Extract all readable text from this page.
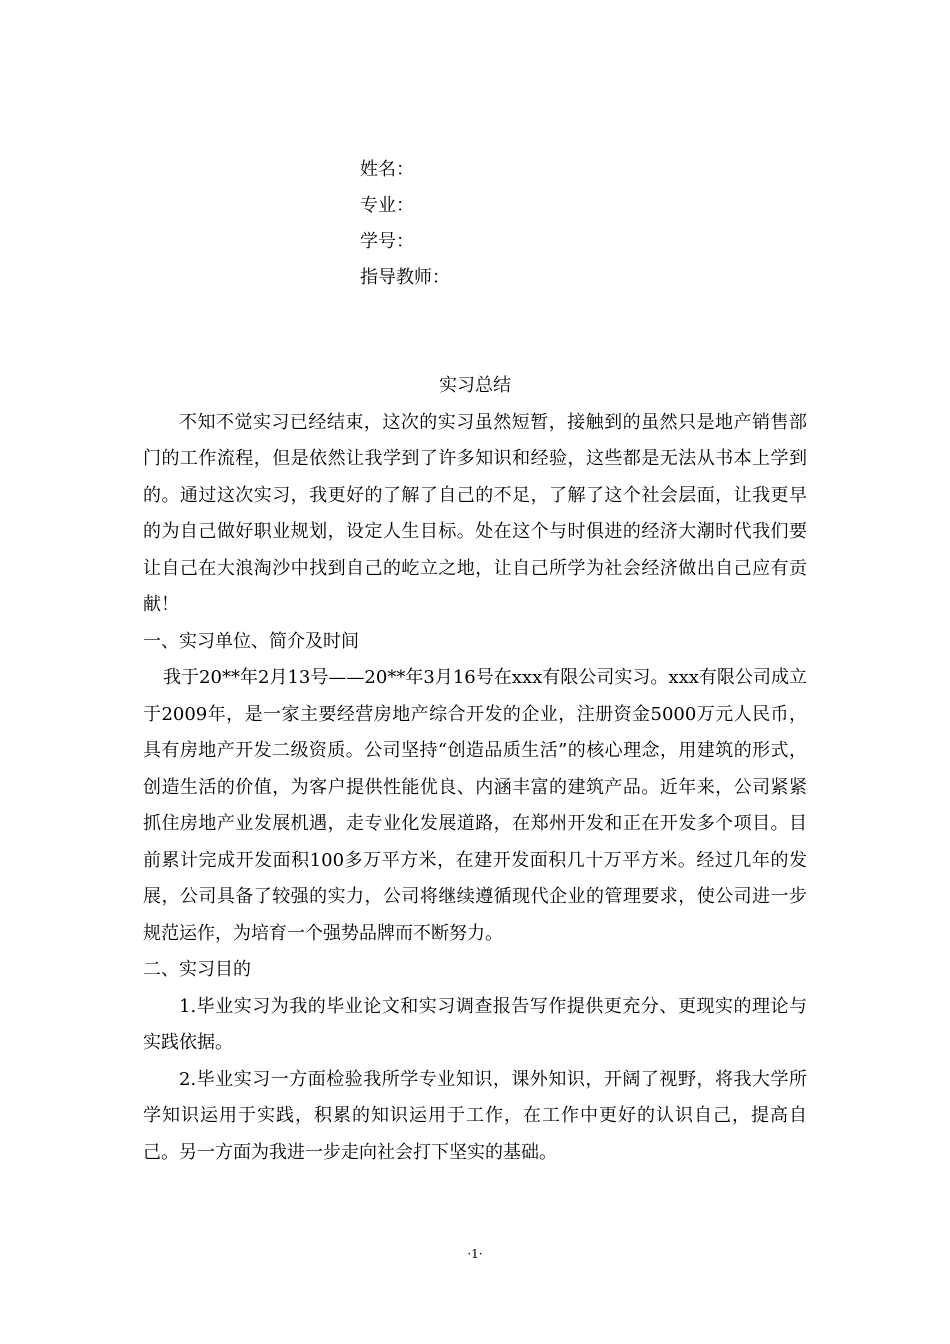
姓名：
专业：
学号：
指导教师：

实习总结

不知不觉实习已经结束，这次的实习虽然短暂，接触到的虽然只是地产销售部门的工作流程，但是依然让我学到了许多知识和经验，这些都是无法从书本上学到的。通过这次实习，我更好的了解了自己的不足，了解了这个社会层面，让我更早的为自己做好职业规划，设定人生目标。处在这个与时俱进的经济大潮时代我们要让自己在大浪淘沙中找到自己的屹立之地，让自己所学为社会经济做出自己应有贡献！

一、实习单位、简介及时间

我于20**年2月13号——20**年3月16号在xxx有限公司实习。xxx有限公司成立于2009年，是一家主要经营房地产综合开发的企业，注册资金5000万元人民币，具有房地产开发二级资质。公司坚持“创造品质生活”的核心理念，用建筑的形式，创造生活的价值，为客户提供性能优良、内涵丰富的建筑产品。近年来，公司紧紧抓住房地产业发展机遇，走专业化发展道路，在郑州开发和正在开发多个项目。目前累计完成开发面积100多万平方米，在建开发面积几十万平方米。经过几年的发展，公司具备了较强的实力，公司将继续遵循现代企业的管理要求，使公司进一步规范运作，为培育一个强势品牌而不断努力。

二、实习目的

1.毕业实习为我的毕业论文和实习调查报告写作提供更充分、更现实的理论与实践依据。

2.毕业实习一方面检验我所学专业知识，课外知识，开阔了视野，将我大学所学知识运用于实践，积累的知识运用于工作，在工作中更好的认识自己，提高自己。另一方面为我进一步走向社会打下坚实的基础。

·1·
